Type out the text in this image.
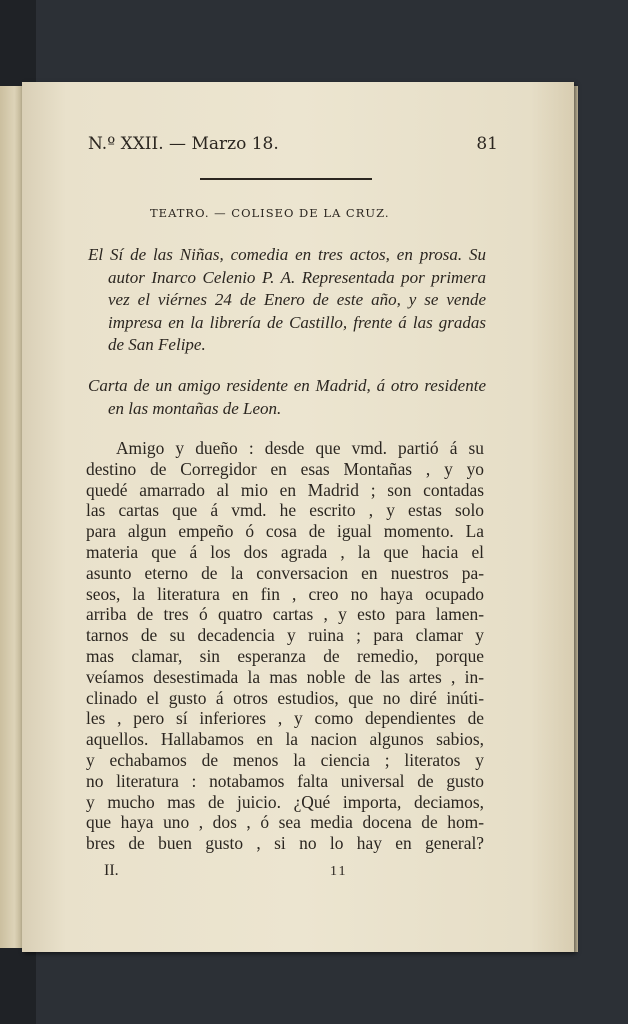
N.º XXII. — Marzo 18.	81
TEATRO. — COLISEO DE LA CRUZ.

El Sí de las Niñas, comedia en tres actos, en prosa. Su autor Inarco Celenio P. A. Representada por primera vez el viérnes 24 de Enero de este año, y se vende impresa en la librería de Castillo, frente á las gradas de San Felipe.

Carta de un amigo residente en Madrid, á otro residente en las montañas de Leon.

Amigo y dueño : desde que vmd. partió á su
destino de Corregidor en esas Montañas , y yo
quedé amarrado al mio en Madrid ; son contadas
las cartas que á vmd. he escrito , y estas solo
para algun empeño ó cosa de igual momento. La
materia que á los dos agrada , la que hacia el
asunto eterno de la conversacion en nuestros pa-
seos, la literatura en fin , creo no haya ocupado
arriba de tres ó quatro cartas , y esto para lamen-
tarnos de su decadencia y ruina ; para clamar y
mas clamar, sin esperanza de remedio, porque
veíamos desestimada la mas noble de las artes , in-
clinado el gusto á otros estudios, que no diré inúti-
les , pero sí inferiores , y como dependientes de
aquellos. Hallabamos en la nacion algunos sabios,
y echabamos de menos la ciencia ; literatos y
no literatura : notabamos falta universal de gusto
y mucho mas de juicio. ¿Qué importa, deciamos,
que haya uno , dos , ó sea media docena de hom-
bres de buen gusto , si no lo hay en general?
II.	11
